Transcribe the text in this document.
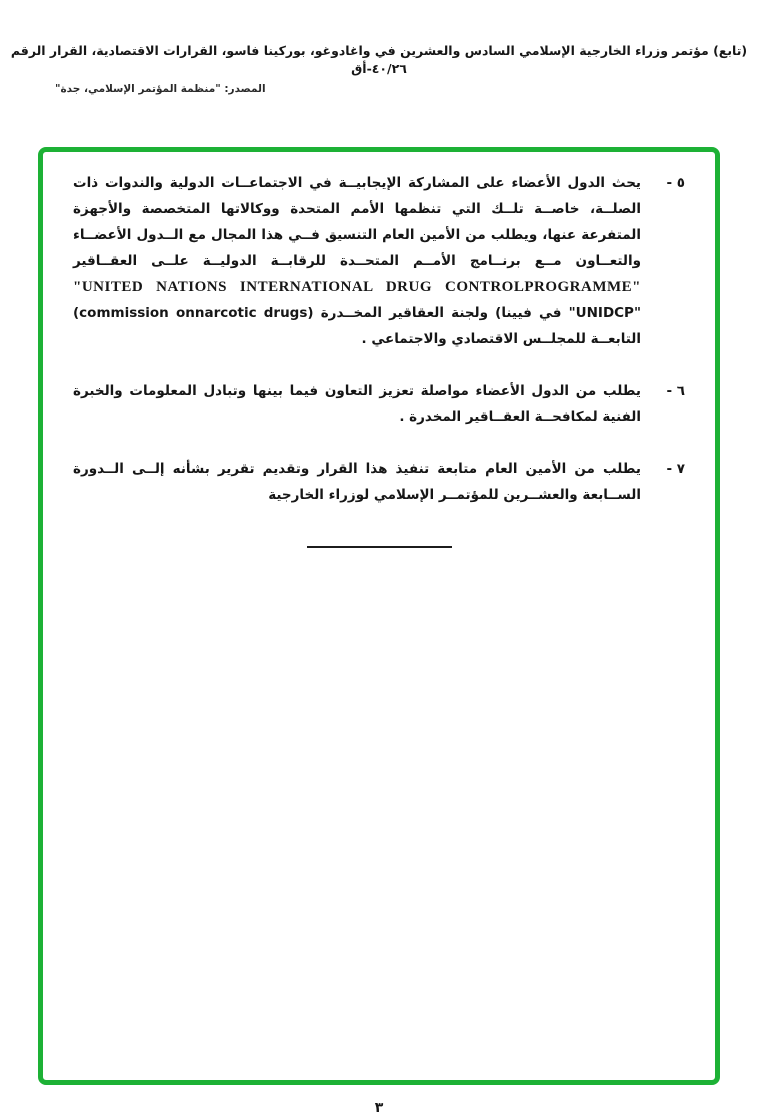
(تابع) مؤتمر وزراء الخارجية الإسلامي السادس والعشرين في واغادوغو، بوركينا فاسو، القرارات الاقتصادية، القرار الرقم ٤٠/٢٦-أق
المصدر: "منظمة المؤتمر الإسلامي، جدة"
٥ -

يحث الدول الأعضاء على المشاركة الإيجابيــة في الاجتماعــات الدولية والندوات ذات الصلــة، خاصــة تلــك التي تنظمها الأمم المتحدة ووكالاتها المتخصصة والأجهزة المتفرعة عنها، ويطلب من الأمين العام التنسيق فــي هذا المجال مع الــدول الأعضــاء والتعــاون مــع برنــامج الأمــم المتحــدة للرقابــة الدوليــة علــى العقــاقير

"UNITED NATIONS INTERNATIONAL DRUG CONTROLPROGRAMME"

"UNIDCP" في فيينا) ولجنة العقاقير المخــدرة (commission onnarcotic drugs) التابعــة للمجلــس الاقتصادي والاجتماعي .

٦ -

يطلب من الدول الأعضاء مواصلة تعزيز التعاون فيما بينها وتبادل المعلومات والخبرة الفنية لمكافحــة العقــاقير المخدرة .

٧ -

يطلب من الأمين العام متابعة تنفيذ هذا القرار وتقديم تقرير بشأنه إلــى الــدورة الســابعة والعشــرين للمؤتمــر الإسلامي لوزراء الخارجية

٣
